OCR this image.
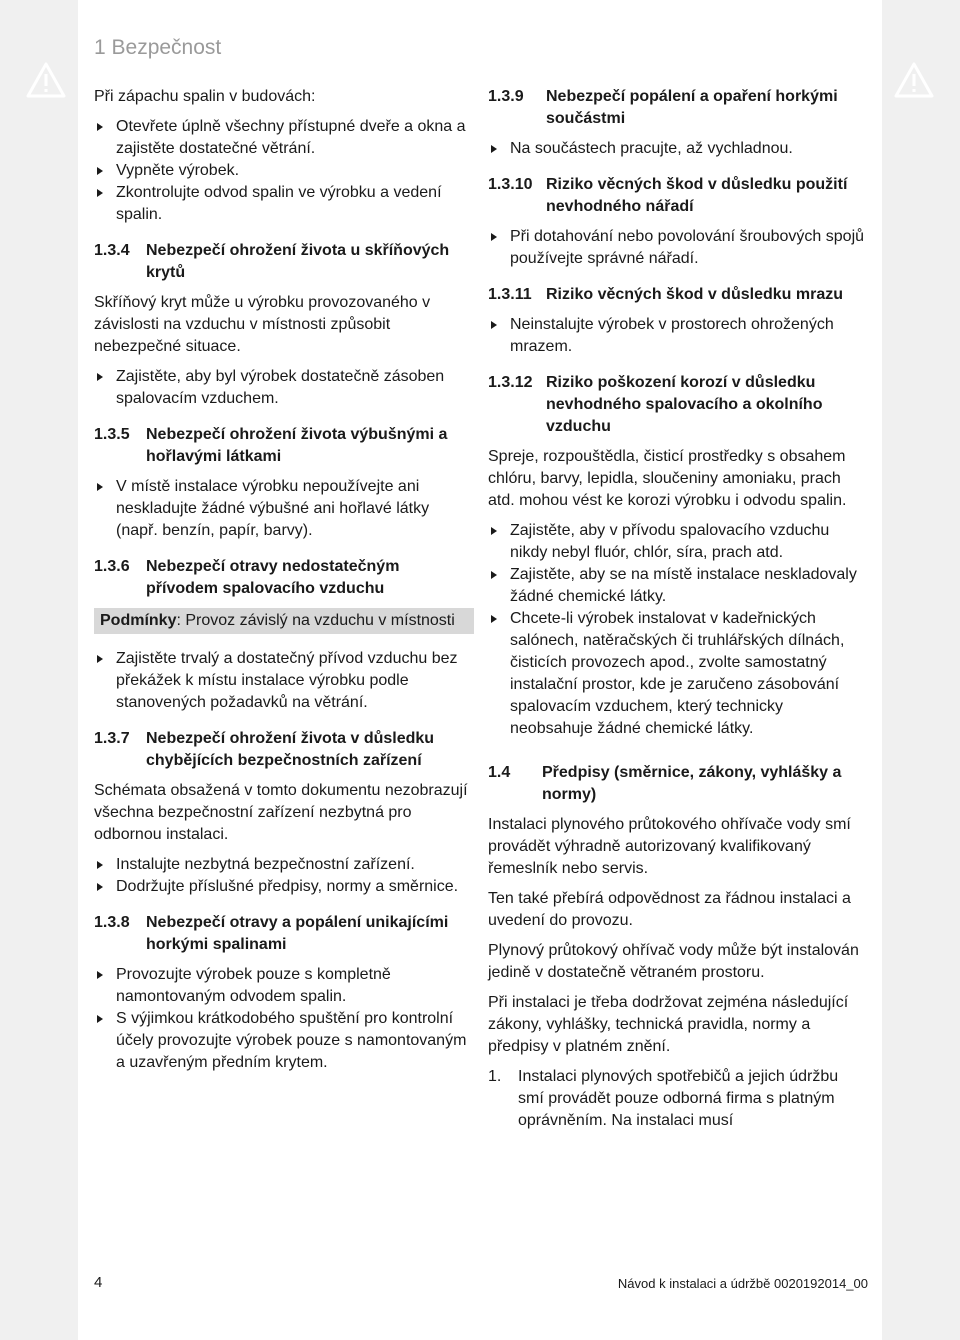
1 Bezpečnost

Při zápachu spalin v budovách:

Otevřete úplně všechny přístupné dveře a okna a zajistěte dostatečné větrání.
Vypněte výrobek.
Zkontrolujte odvod spalin ve výrobku a vedení spalin.
1.3.4	Nebezpečí ohrožení života u skříňových krytů

Skříňový kryt může u výrobku provozovaného v závislosti na vzduchu v místnosti způsobit nebezpečné situace.

Zajistěte, aby byl výrobek dostatečně zásoben spalovacím vzduchem.
1.3.5	Nebezpečí ohrožení života výbušnými a hořlavými látkami
V místě instalace výrobku nepoužívejte ani neskladujte žádné výbušné ani hořlavé látky (např. benzín, papír, barvy).
1.3.6	Nebezpečí otravy nedostatečným přívodem spalovacího vzduchu
Podmínky : Provoz závislý na vzduchu v místnosti
Zajistěte trvalý a dostatečný přívod vzduchu bez překážek k místu instalace výrobku podle stanovených požadavků na větrání.
1.3.7	Nebezpečí ohrožení života v důsledku chybějících bezpečnostních zařízení

Schémata obsažená v tomto dokumentu nezobrazují všechna bezpečnostní zařízení nezbytná pro odbornou instalaci.

Instalujte nezbytná bezpečnostní zařízení.
Dodržujte příslušné předpisy, normy a směrnice.
1.3.8	Nebezpečí otravy a popálení unikajícími horkými spalinami
Provozujte výrobek pouze s kompletně namontovaným odvodem spalin.
S výjimkou krátkodobého spuštění pro kontrolní účely provozujte výrobek pouze s namontovaným a uzavřeným předním krytem.
1.3.9	Nebezpečí popálení a opaření horkými součástmi
Na součástech pracujte, až vychladnou.
1.3.10 Riziko věcných škod v důsledku použití nevhodného nářadí
Při dotahování nebo povolování šroubových spojů používejte správné nářadí.
1.3.11 Riziko věcných škod v důsledku mrazu
Neinstalujte výrobek v prostorech ohrožených mrazem.
1.3.12 Riziko poškození korozí v důsledku nevhodného spalovacího a okolního vzduchu

Spreje, rozpouštědla, čisticí prostředky s obsahem chlóru, barvy, lepidla, sloučeniny amoniaku, prach atd. mohou vést ke korozi výrobku i odvodu spalin.

Zajistěte, aby v přívodu spalovacího vzduchu nikdy nebyl fluór, chlór, síra, prach atd.
Zajistěte, aby se na místě instalace neskladovaly žádné chemické látky.
Chcete-li výrobek instalovat v kadeřnických salónech, natěračských či truhlářských dílnách, čisticích provozech apod., zvolte samostatný instalační prostor, kde je zaručeno zásobování spalovacím vzduchem, který technicky neobsahuje žádné chemické látky.
1.4	Předpisy (směrnice, zákony, vyhlášky a normy)

Instalaci plynového průtokového ohřívače vody smí provádět výhradně autorizovaný kvalifikovaný řemeslník nebo servis.

Ten také přebírá odpovědnost za řádnou instalaci a uvedení do provozu.

Plynový průtokový ohřívač vody může být instalován jedině v dostatečně větraném prostoru.

Při instalaci je třeba dodržovat zejména následující zákony, vyhlášky, technická pravidla, normy a předpisy v platném znění.

1.	Instalaci plynových spotřebičů a jejich údržbu smí provádět pouze odborná firma s platným oprávněním. Na instalaci musí
4	Návod k instalaci a údržbě 0020192014_00
